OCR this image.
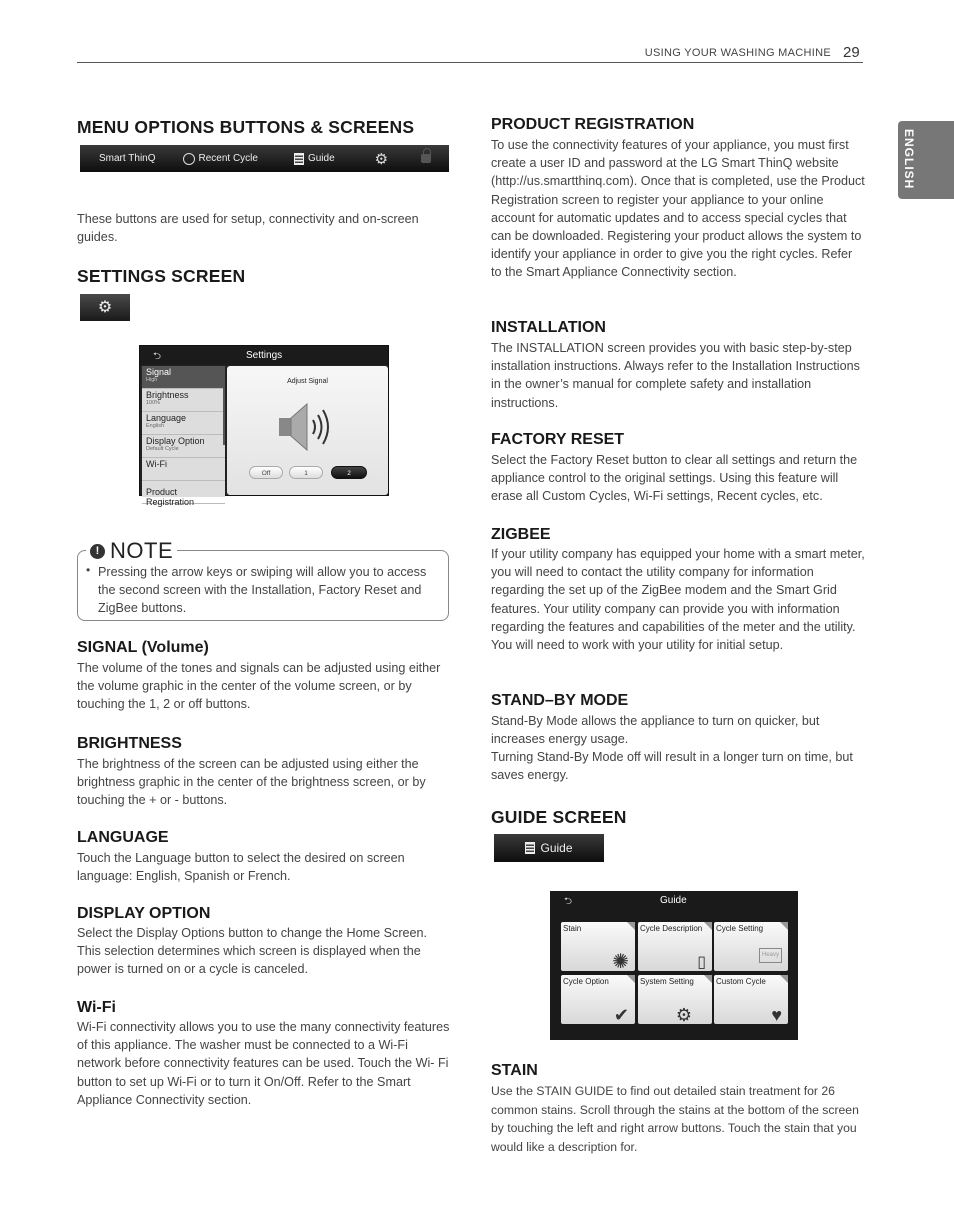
USING YOUR WASHING MACHINE 29
ENGLISH
MENU OPTIONS BUTTONS & SCREENS
Smart ThinQ	Recent Cycle	Guide	⚙

These buttons are used for setup, connectivity and on-screen guides.

SETTINGS SCREEN
⚙
⮌	Settings
Signal
High
Brightness
100%
Language
English
Display Option
Default Cycle
Wi-Fi
Product Registration
Adjust Signal
Off	1	2
! NOTE
• Pressing the arrow keys or swiping will allow you to access the second screen with the Installation, Factory Reset and ZigBee buttons.
SIGNAL (Volume)

The volume of the tones and signals can be adjusted using either the volume graphic in the center of the volume screen, or by touching the 1, 2 or off buttons.

BRIGHTNESS

The brightness of the screen can be adjusted using either the brightness graphic in the center of the brightness screen, or by touching the + or - buttons.

LANGUAGE

Touch the Language button to select the desired on screen language: English, Spanish or French.

DISPLAY OPTION

Select the Display Options button to change the Home Screen. This selection determines which screen is displayed when the power is turned on or a cycle is canceled.

Wi-Fi

Wi-Fi connectivity allows you to use the many connectivity features of this appliance. The washer must be connected to a Wi-Fi network before connectivity features can be used. Touch the Wi- Fi button to set up Wi-Fi or to turn it On/Off. Refer to the Smart Appliance Connectivity section.

PRODUCT REGISTRATION

To use the connectivity features of your appliance, you must first create a user ID and password at the LG Smart ThinQ website (http://us.smartthinq.com). Once that is completed, use the Product Registration screen to register your appliance to your online account for automatic updates and to access special cycles that can be downloaded. Registering your product allows the system to identify your appliance in order to give you the right cycles. Refer to the Smart Appliance Connectivity section.

INSTALLATION

The INSTALLATION screen provides you with basic step-by-step installation instructions. Always refer to the Installation Instructions in the owner’s manual for complete safety and installation instructions.

FACTORY RESET

Select the Factory Reset button to clear all settings and return the appliance control to the original settings. Using this feature will erase all Custom Cycles, Wi-Fi settings, Recent cycles, etc.

ZIGBEE

If your utility company has equipped your home with a smart meter, you will need to contact the utility company for information regarding the set up of the ZigBee modem and the Smart Grid features. Your utility company can provide you with information regarding the features and capabilities of the meter and the utility. You will need to work with your utility for initial setup.

STAND–BY MODE

Stand-By Mode allows the appliance to turn on quicker, but increases energy usage.

Turning Stand-By Mode off will result in a longer turn on time, but saves energy.

GUIDE SCREEN
Guide
⮌	Guide
Stain
✺
Cycle Description
▯
Cycle Setting
Heavy
Cycle Option
✔
System Setting
⚙
Custom Cycle
♥
STAIN

Use the STAIN GUIDE to find out detailed stain treatment for 26 common stains. Scroll through the stains at the bottom of the screen by touching the left and right arrow buttons. Touch the stain that you would like a description for.
